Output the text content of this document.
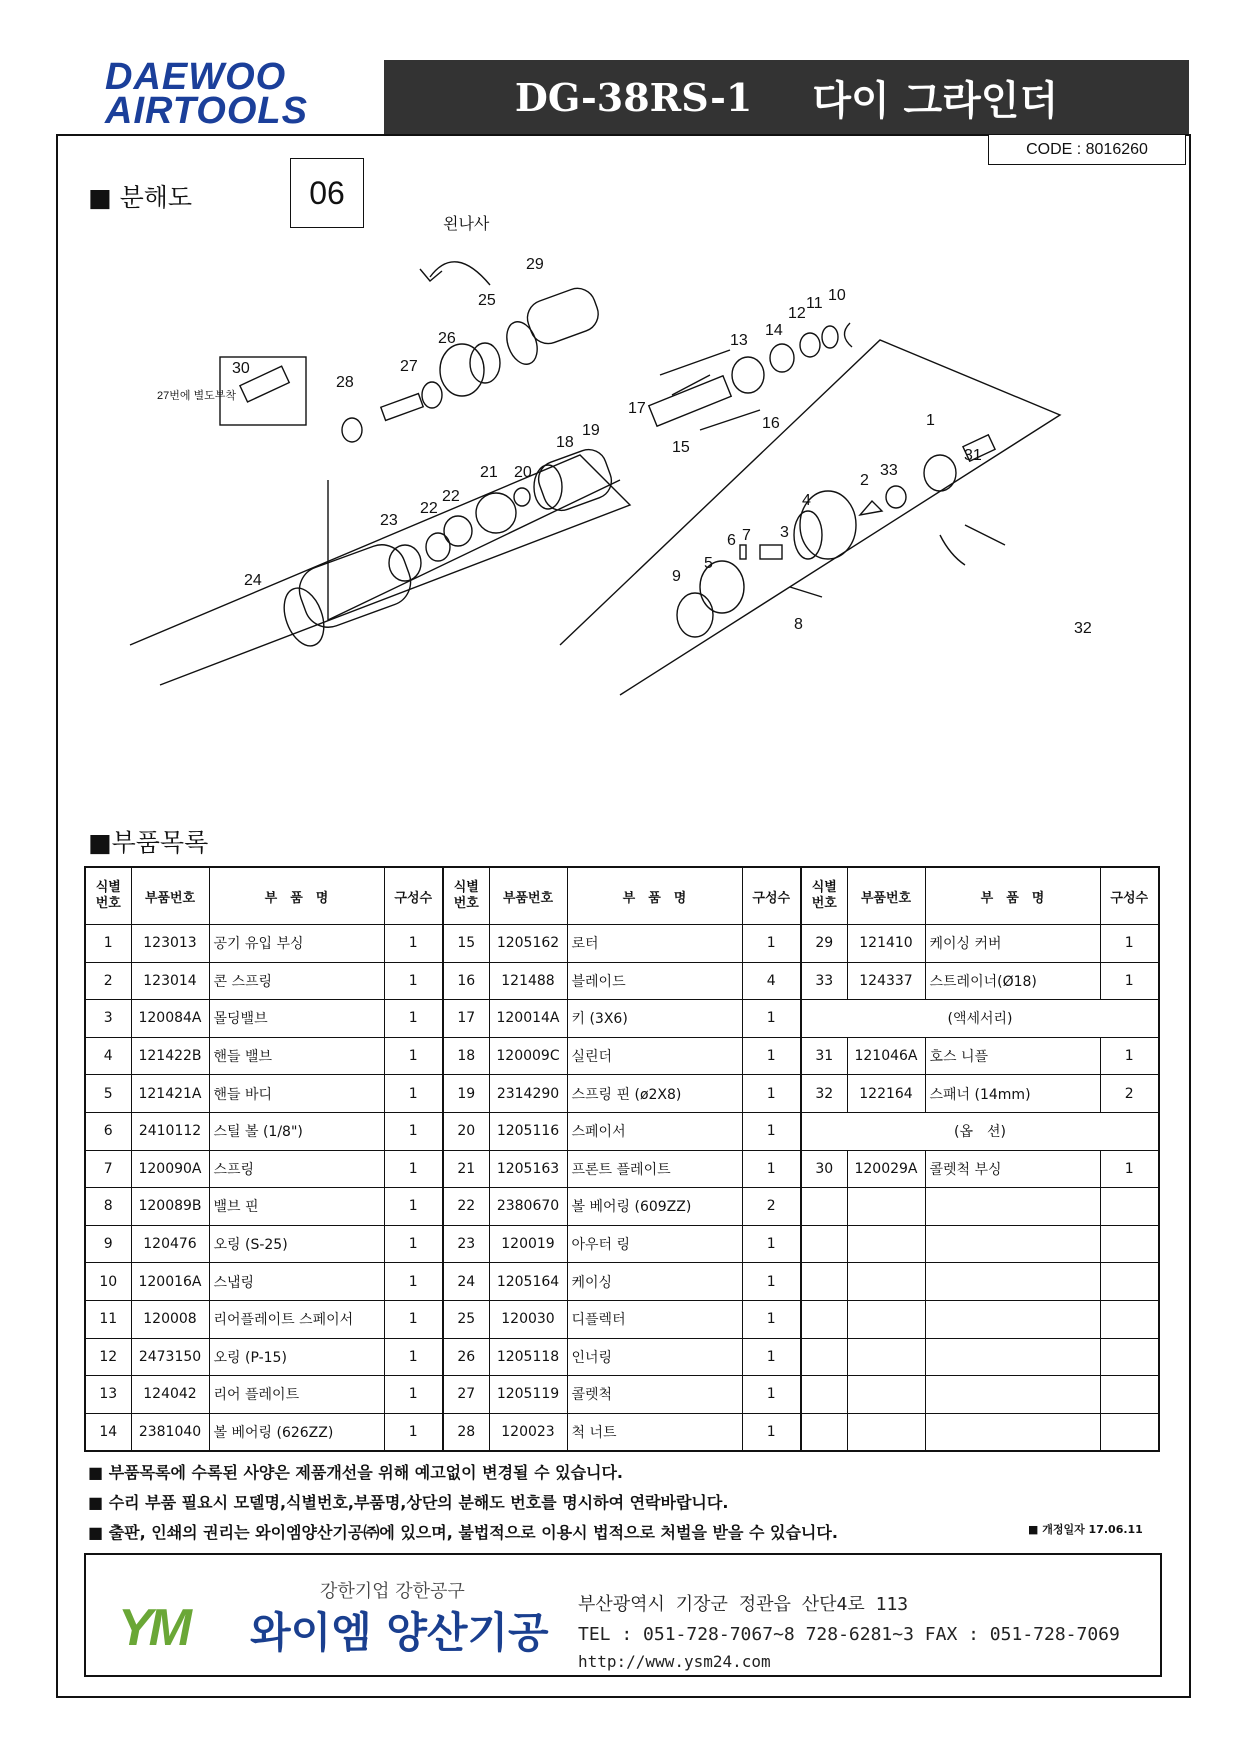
DAEWOO
AIRTOOLS	DG-38RS-1 다이 그라인더
CODE : 8016260
■ 분해도	06
왼나사
27번에 별도부착
1
2
3
4
5
6 7
8
9
10
11
12
13
14
15
16
17
18
19
20
21
22
22
23
24
25
26
27
28
29
30
31
32
33
■부품목록
식별
번호	부품번호	부　품　명	구성수	식별
번호	부품번호	부　품　명	구성수	식별
번호	부품번호	부　품　명	구성수
1	123013	공기 유입 부싱	1	15	1205162	로터	1	29	121410	케이싱 커버	1
2	123014	콘 스프링	1	16	121488	블레이드	4	33	124337	스트레이너(Ø18)	1
3	120084A	몰딩밸브	1	17	120014A	키 (3X6)	1	(액세서리)			
4	121422B	핸들 밸브	1	18	120009C	실린더	1	31	121046A	호스 니플	1
5	121421A	핸들 바디	1	19	2314290	스프링 핀 (ø2X8)	1	32	122164	스패너 (14mm)	2
6	2410112	스틸 볼 (1/8")	1	20	1205116	스페이서	1	(옵　션)			
7	120090A	스프링	1	21	1205163	프론트 플레이트	1	30	120029A	콜렛척 부싱	1
8	120089B	밸브 핀	1	22	2380670	볼 베어링 (609ZZ)	2				
9	120476	오링 (S-25)	1	23	120019	아우터 링	1				
10	120016A	스냅링	1	24	1205164	케이싱	1				
11	120008	리어플레이트 스페이서	1	25	120030	디플렉터	1				
12	2473150	오링 (P-15)	1	26	1205118	인너링	1				
13	124042	리어 플레이트	1	27	1205119	콜렛척	1				
14	2381040	볼 베어링 (626ZZ)	1	28	120023	척 너트	1				
■ 부품목록에 수록된 사양은 제품개선을 위해 예고없이 변경될 수 있습니다.
■ 수리 부품 필요시 모델명,식별번호,부품명,상단의 분해도 번호를 명시하여 연락바랍니다.
■ 출판, 인쇄의 권리는 와이엠양산기공㈜에 있으며, 불법적으로 이용시 법적으로 처벌을 받을 수 있습니다.	■ 개정일자 17.06.11
YM
강한기업 강한공구
와이엠 양산기공
부산광역시 기장군 정관읍 산단4로 113
TEL : 051-728-7067~8 728-6281~3 FAX : 051-728-7069
http://www.ysm24.com
